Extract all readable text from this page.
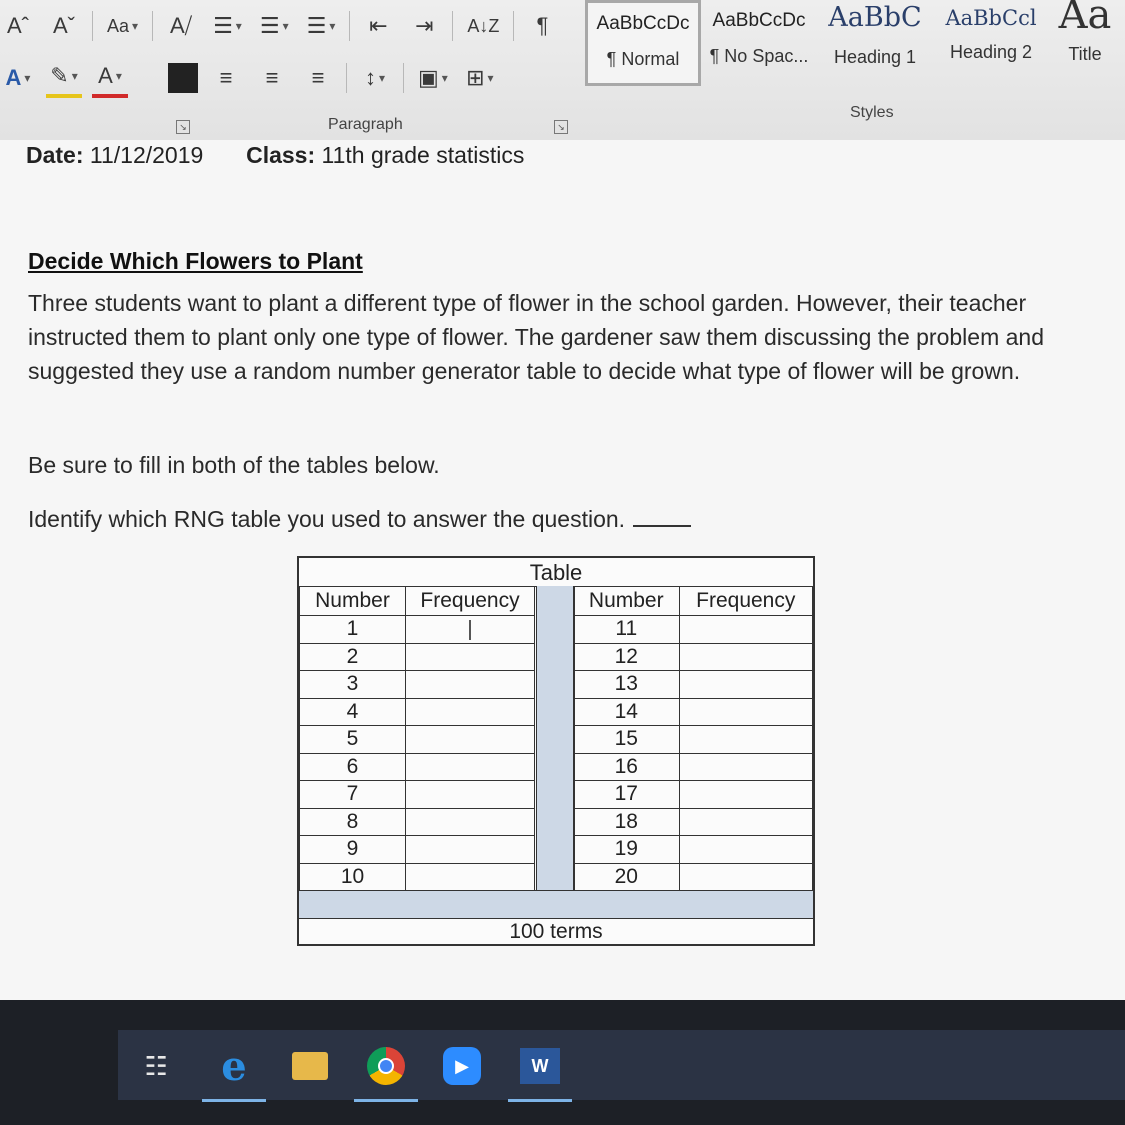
Aˆ	Aˇ	Aa ▾	A⧸ ☰ ▾	☰ ▾	☰ ▾	⇤	⇥	A↓Z	¶
A ▾	✎ ▾	A ▾	≡	≡	≡	↕ ▾	▣ ▾	⊞ ▾
↘	Paragraph	↘
Styles
AaBbCcDc
¶ Normal
AaBbCcDc
¶ No Spac...
AaBbC
Heading 1
AaBbCcl
Heading 2
Aa
Title
Date: 11/12/2019 Class: 11th grade statistics
Decide Which Flowers to Plant
Three students want to plant a different type of flower in the school garden. However, their teacher instructed them to plant only one type of flower. The gardener saw them discussing the problem and suggested they use a random number generator table to decide what type of flower will be grown.
Be sure to fill in both of the tables below.
Identify which RNG table you used to answer the question.
Table
Number	Frequency
1	
2	
3	
4	
5	
6	
7	
8	
9	
10	
Number	Frequency
11	
12	
13	
14	
15	
16	
17	
18	
19	
20	
100 terms
☷ e	▶	W
